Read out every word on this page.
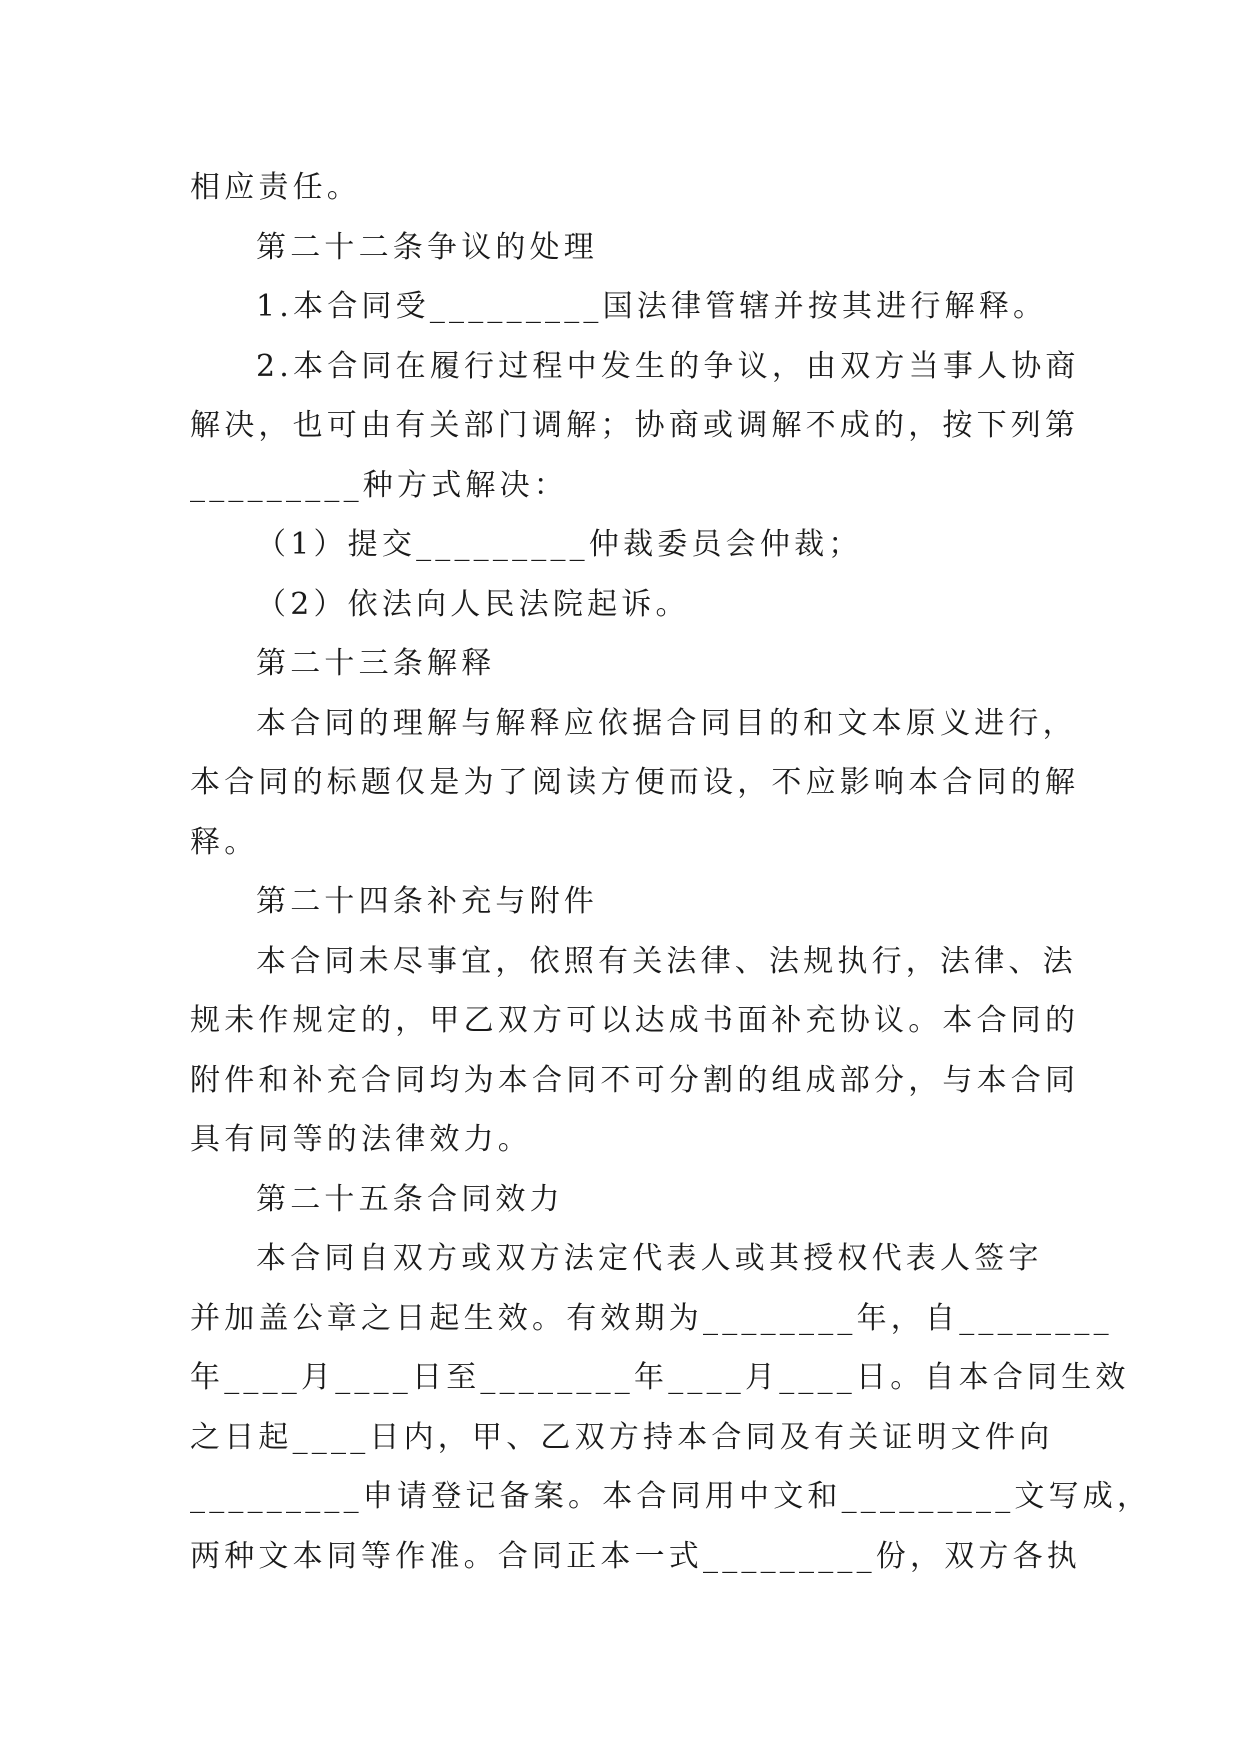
相应责任。
第二十二条争议的处理
1.本合同受_________国法律管辖并按其进行解释。
2.本合同在履行过程中发生的争议，由双方当事人协商
解决，也可由有关部门调解；协商或调解不成的，按下列第
_________种方式解决：
（1）提交_________仲裁委员会仲裁；
（2）依法向人民法院起诉。
第二十三条解释
本合同的理解与解释应依据合同目的和文本原义进行，
本合同的标题仅是为了阅读方便而设，不应影响本合同的解
释。
第二十四条补充与附件
本合同未尽事宜，依照有关法律、法规执行，法律、法
规未作规定的，甲乙双方可以达成书面补充协议。本合同的
附件和补充合同均为本合同不可分割的组成部分，与本合同
具有同等的法律效力。
第二十五条合同效力
本合同自双方或双方法定代表人或其授权代表人签字
并加盖公章之日起生效。有效期为________年，自________
年____月____日至________年____月____日。自本合同生效
之日起____日内，甲、乙双方持本合同及有关证明文件向
_________申请登记备案。本合同用中文和_________文写成，
两种文本同等作准。合同正本一式_________份，双方各执
